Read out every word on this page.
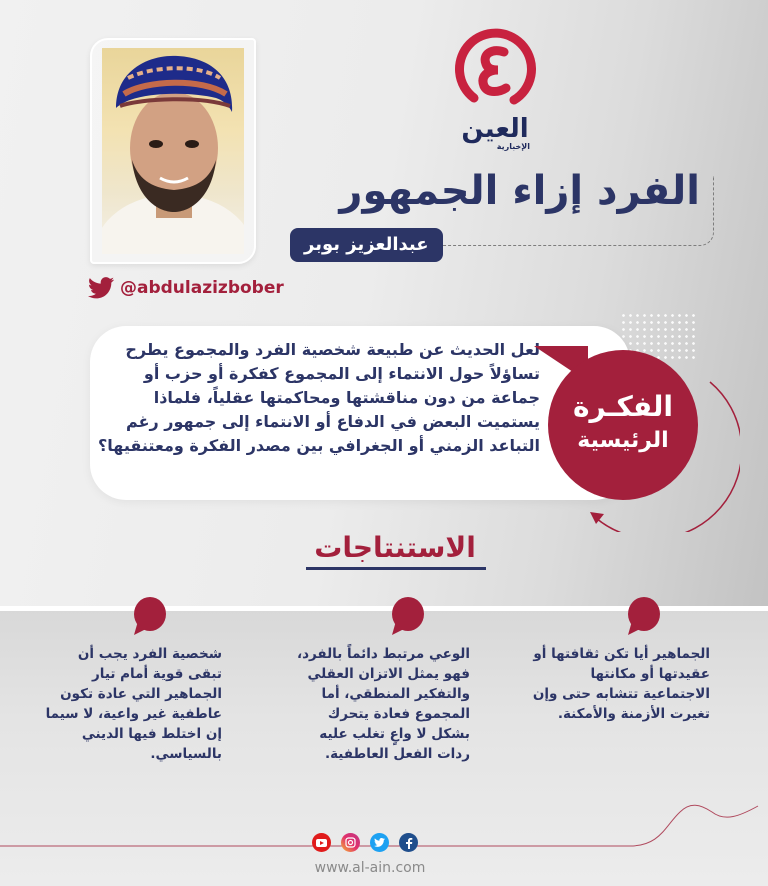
العين
الإخبارية
@abdulazizbober
الفرد إزاء الجمهور
عبدالعزيز بوبر
لعل الحديث عن طبيعة شخصية الفرد والمجموع يطرح تساؤلاً حول الانتماء إلى المجموع كفكرة أو حزب أو جماعة من دون مناقشتها ومحاكمتها عقلياً، فلماذا يستميت البعض في الدفاع أو الانتماء إلى جمهور رغم التباعد الزمني أو الجغرافي بين مصدر الفكرة ومعتنقيها؟
الفكـرة
الرئيسية
الاستنتاجات
الجماهير أيا تكن ثقافتها أو عقيدتها أو مكانتها الاجتماعية تتشابه حتى وإن تغيرت الأزمنة والأمكنة.
الوعي مرتبط دائماً بالفرد، فهو يمثل الاتزان العقلي والتفكير المنطقي، أما المجموع فعادة يتحرك بشكل لا واعٍ تغلب عليه ردات الفعل العاطفية.
شخصية الفرد يجب أن تبقى قوية أمام تيار الجماهير التي عادة تكون عاطفية غير واعية، لا سيما إن اختلط فيها الديني بالسياسي.
www.al-ain.com
